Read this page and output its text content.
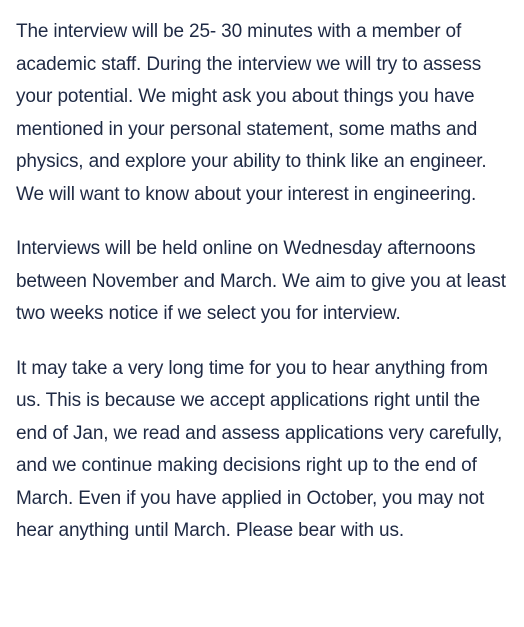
The interview will be 25- 30 minutes with a member of academic staff. During the interview we will try to assess your potential. We might ask you about things you have mentioned in your personal statement, some maths and physics, and explore your ability to think like an engineer. We will want to know about your interest in engineering.

Interviews will be held online on Wednesday afternoons between November and March. We aim to give you at least two weeks notice if we select you for interview.

It may take a very long time for you to hear anything from us. This is because we accept applications right until the end of Jan, we read and assess applications very carefully, and we continue making decisions right up to the end of March. Even if you have applied in October, you may not hear anything until March. Please bear with us.
